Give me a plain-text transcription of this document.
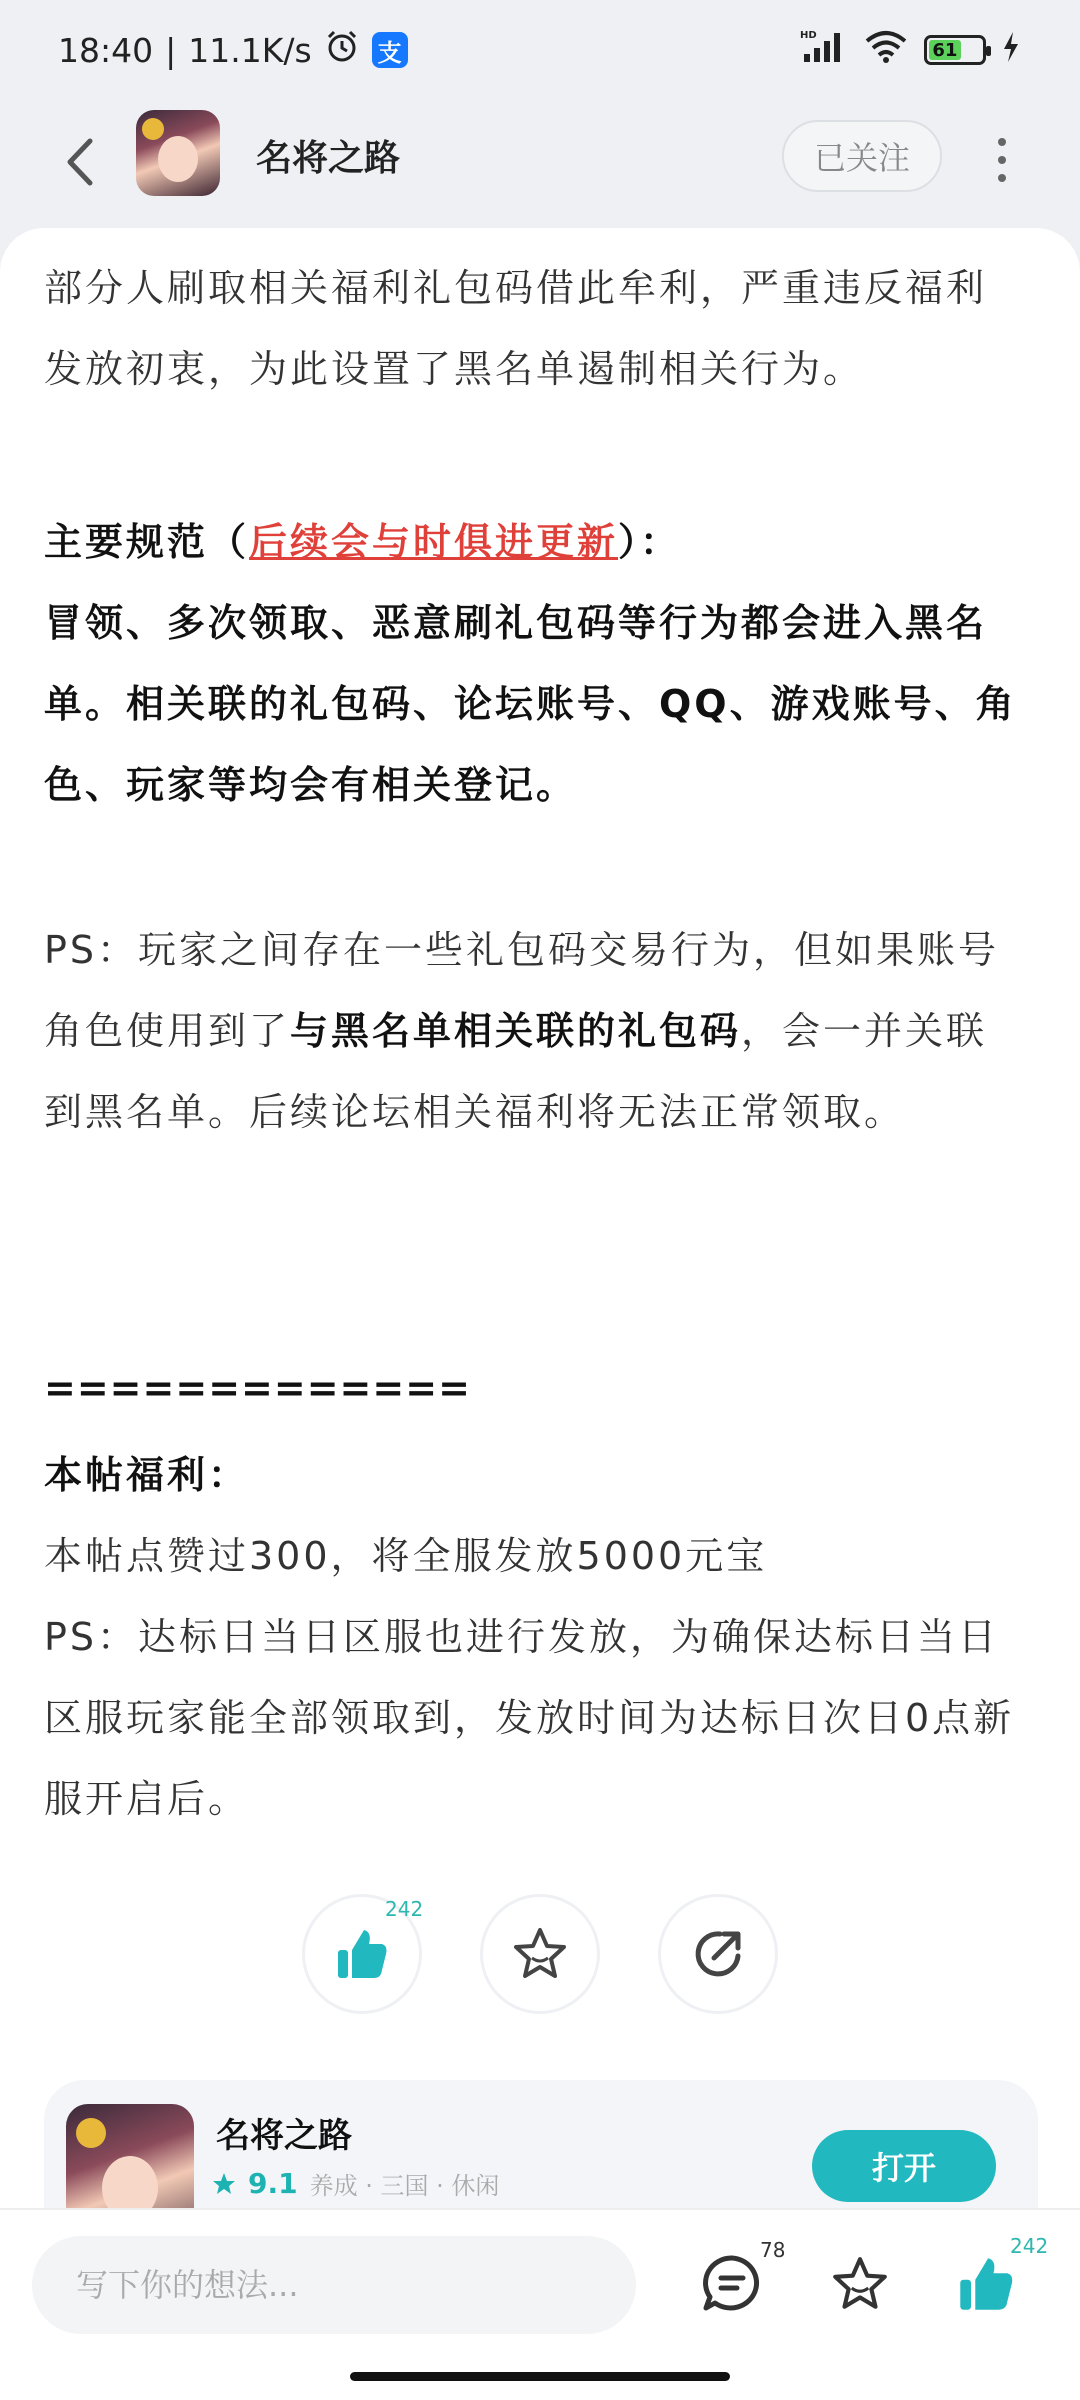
18:40 | 11.1K/s	支
HD
61
名将之路	已关注
部分人刷取相关福利礼包码借此牟利，严重违反福利
发放初衷，为此设置了黑名单遏制相关行为。
主要规范（后续会与时俱进更新）：
冒领、多次领取、恶意刷礼包码等行为都会进入黑名
单。相关联的礼包码、论坛账号、QQ、游戏账号、角
色、玩家等均会有相关登记。
PS：玩家之间存在一些礼包码交易行为，但如果账号
角色使用到了与黑名单相关联的礼包码，会一并关联
到黑名单。后续论坛相关福利将无法正常领取。
=============
本帖福利：
本帖点赞过300，将全服发放5000元宝
PS：达标日当日区服也进行发放，为确保达标日当日
区服玩家能全部领取到，发放时间为达标日次日0点新
服开启后。
242
名将之路
9.1 养成 · 三国 · 休闲	打开
写下你的想法...
78	242
